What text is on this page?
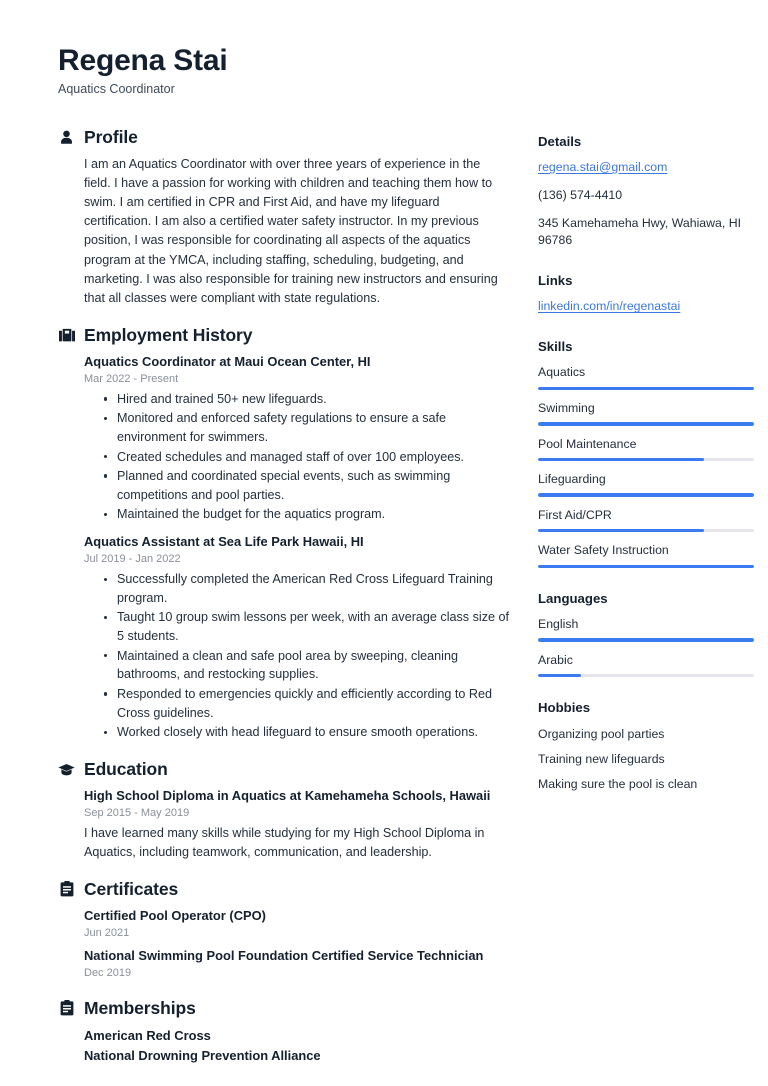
Regena Stai
Aquatics Coordinator
Profile
I am an Aquatics Coordinator with over three years of experience in the field. I have a passion for working with children and teaching them how to swim. I am certified in CPR and First Aid, and have my lifeguard certification. I am also a certified water safety instructor. In my previous position, I was responsible for coordinating all aspects of the aquatics program at the YMCA, including staffing, scheduling, budgeting, and marketing. I was also responsible for training new instructors and ensuring that all classes were compliant with state regulations.
Employment History
Aquatics Coordinator at Maui Ocean Center, HI
Mar 2022 - Present
Hired and trained 50+ new lifeguards.
Monitored and enforced safety regulations to ensure a safe environment for swimmers.
Created schedules and managed staff of over 100 employees.
Planned and coordinated special events, such as swimming competitions and pool parties.
Maintained the budget for the aquatics program.
Aquatics Assistant at Sea Life Park Hawaii, HI
Jul 2019 - Jan 2022
Successfully completed the American Red Cross Lifeguard Training program.
Taught 10 group swim lessons per week, with an average class size of 5 students.
Maintained a clean and safe pool area by sweeping, cleaning bathrooms, and restocking supplies.
Responded to emergencies quickly and efficiently according to Red Cross guidelines.
Worked closely with head lifeguard to ensure smooth operations.
Education
High School Diploma in Aquatics at Kamehameha Schools, Hawaii
Sep 2015 - May 2019
I have learned many skills while studying for my High School Diploma in Aquatics, including teamwork, communication, and leadership.
Certificates
Certified Pool Operator (CPO)
Jun 2021
National Swimming Pool Foundation Certified Service Technician
Dec 2019
Memberships
American Red Cross
National Drowning Prevention Alliance
Details
regena.stai@gmail.com
(136) 574-4410
345 Kamehameha Hwy, Wahiawa, HI 96786
Links
linkedin.com/in/regenastai
Skills
Aquatics
Swimming
Pool Maintenance
Lifeguarding
First Aid/CPR
Water Safety Instruction
Languages
English
Arabic
Hobbies
Organizing pool parties
Training new lifeguards
Making sure the pool is clean
